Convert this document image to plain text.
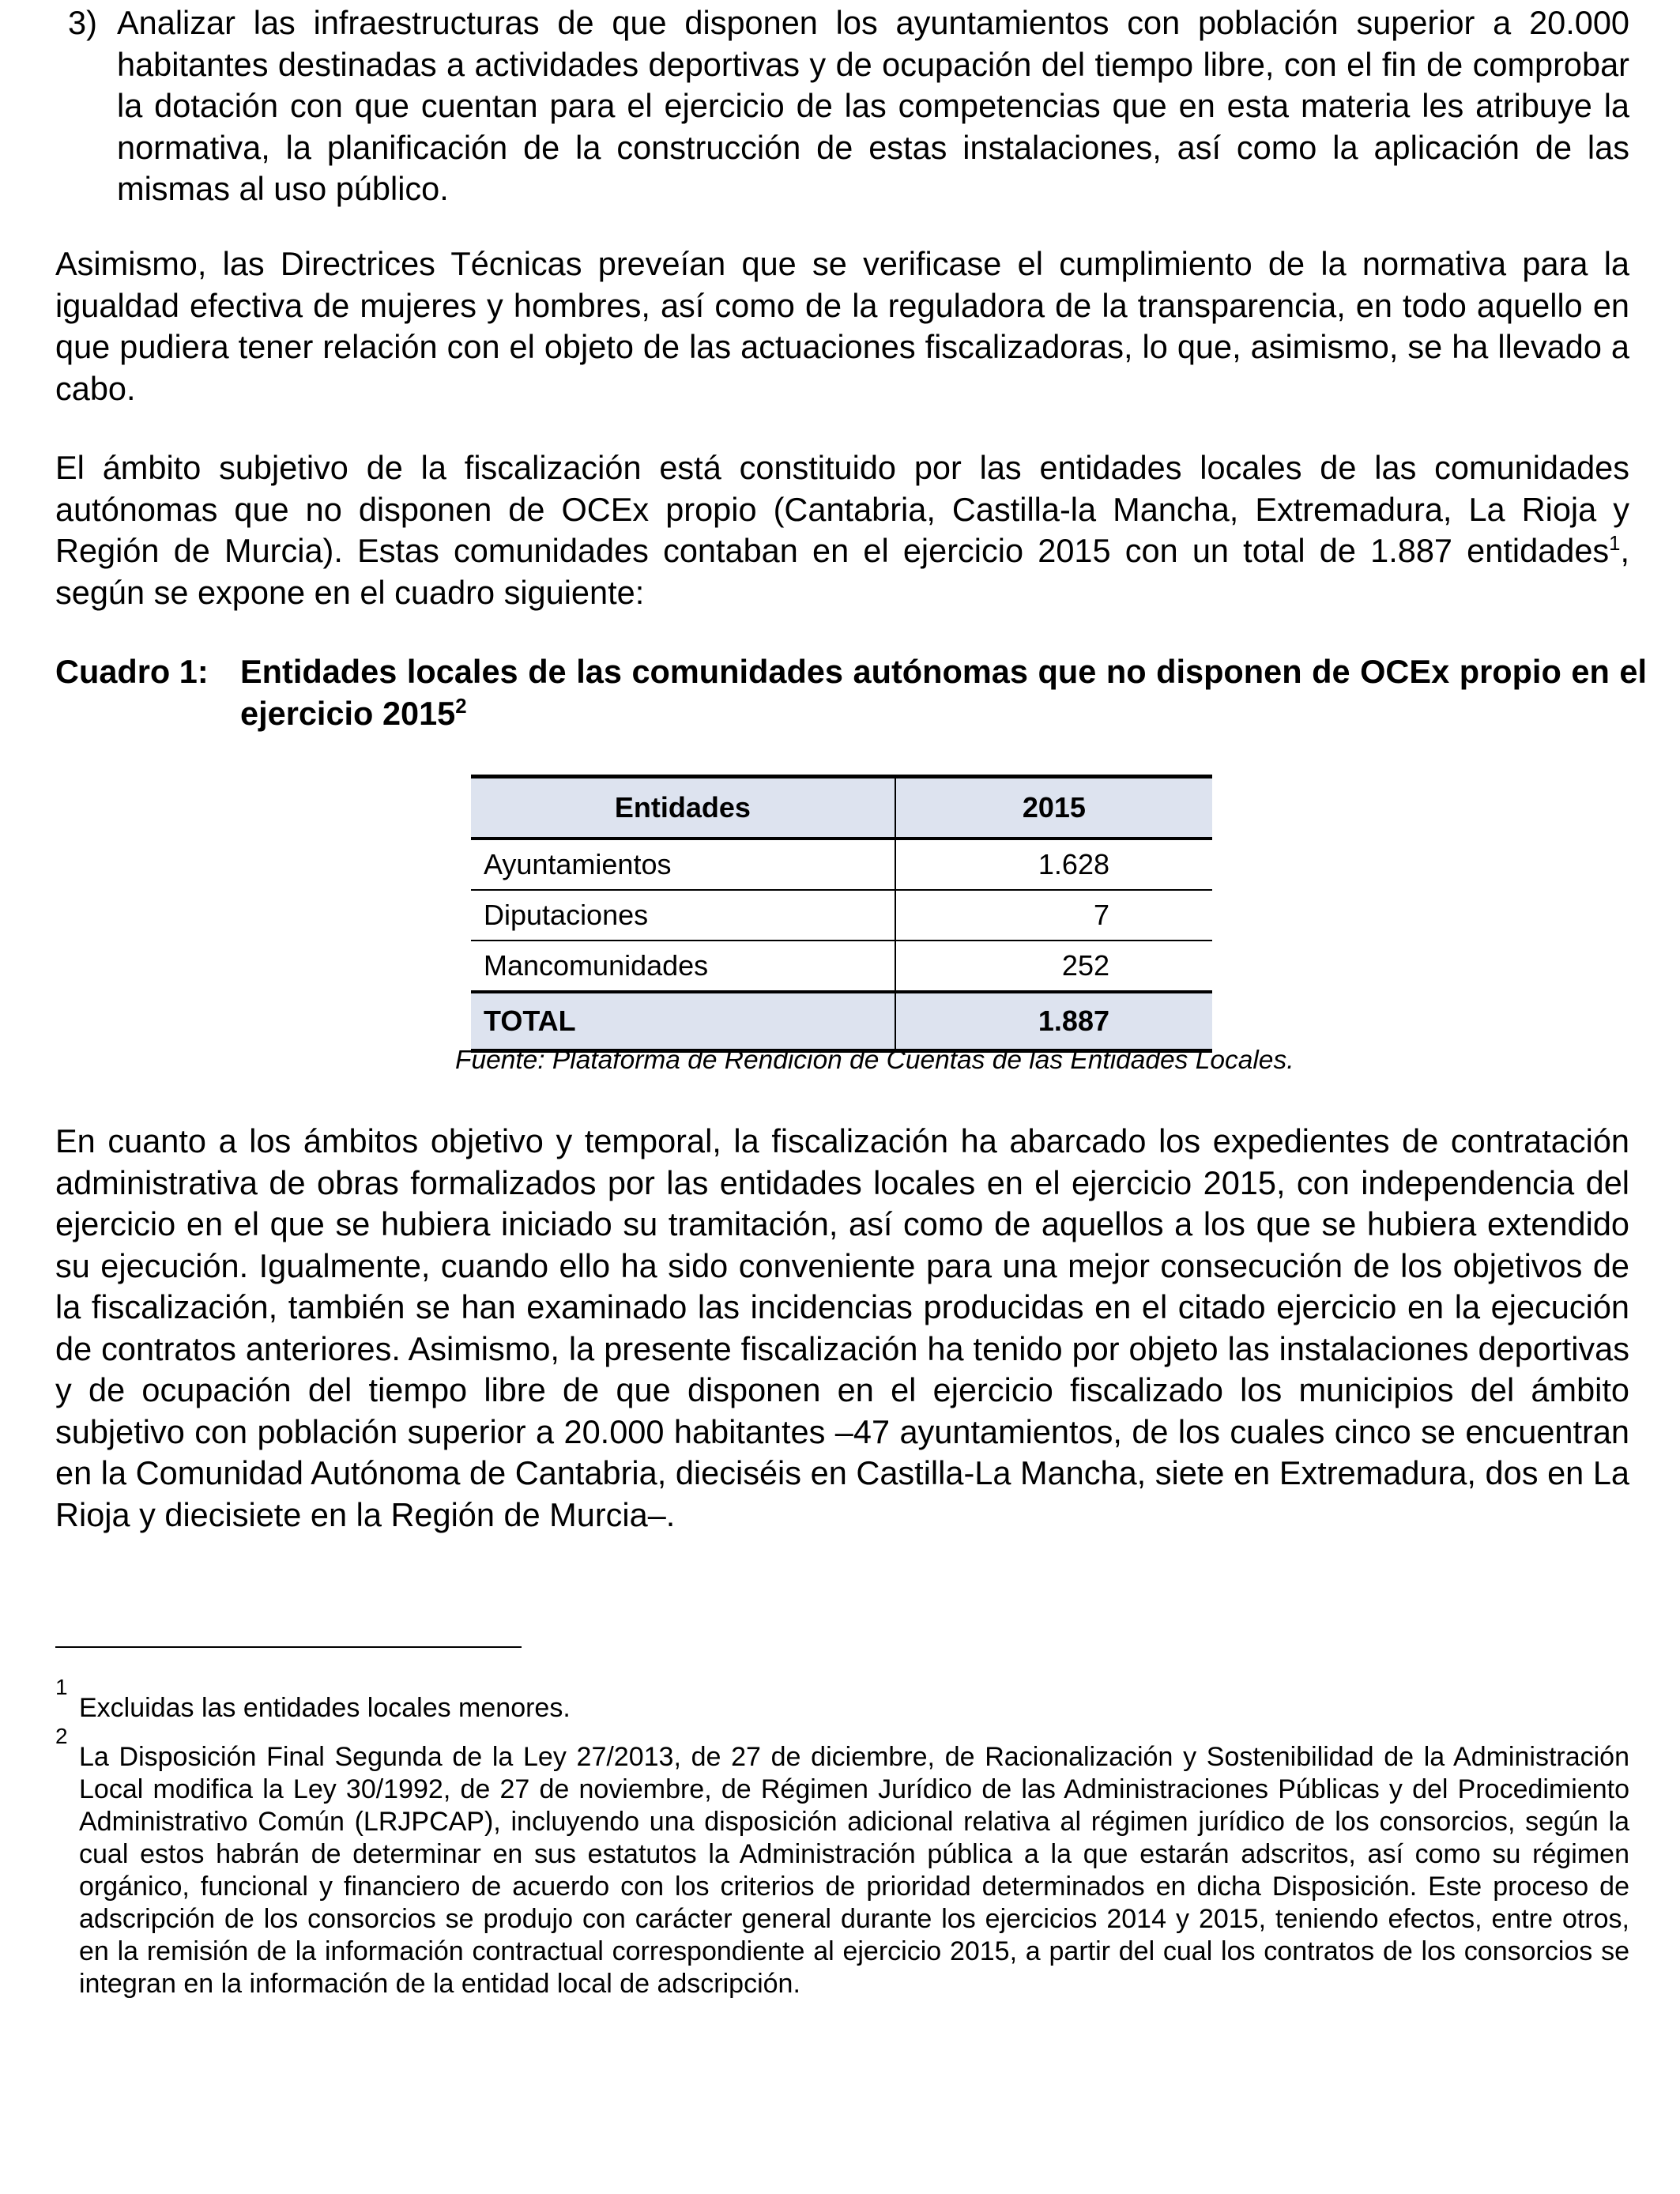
3) Analizar las infraestructuras de que disponen los ayuntamientos con población superior a 20.000 habitantes destinadas a actividades deportivas y de ocupación del tiempo libre, con el fin de comprobar la dotación con que cuentan para el ejercicio de las competencias que en esta materia les atribuye la normativa, la planificación de la construcción de estas instalaciones, así como la aplicación de las mismas al uso público.

Asimismo, las Directrices Técnicas preveían que se verificase el cumplimiento de la normativa para la igualdad efectiva de mujeres y hombres, así como de la reguladora de la transparencia, en todo aquello en que pudiera tener relación con el objeto de las actuaciones fiscalizadoras, lo que, asimismo, se ha llevado a cabo.

El ámbito subjetivo de la fiscalización está constituido por las entidades locales de las comunidades autónomas que no disponen de OCEx propio (Cantabria, Castilla-la Mancha, Extremadura, La Rioja y Región de Murcia). Estas comunidades contaban en el ejercicio 2015 con un total de 1.887 entidades$^1$, según se expone en el cuadro siguiente:

Cuadro 1: Entidades locales de las comunidades autónomas que no disponen de OCEx propio en el ejercicio 2015$^2$
Entidades	2015
Ayuntamientos	1.628
Diputaciones	7
Mancomunidades	252
TOTAL	1.887
Fuente: Plataforma de Rendición de Cuentas de las Entidades Locales.

En cuanto a los ámbitos objetivo y temporal, la fiscalización ha abarcado los expedientes de contratación administrativa de obras formalizados por las entidades locales en el ejercicio 2015, con independencia del ejercicio en el que se hubiera iniciado su tramitación, así como de aquellos a los que se hubiera extendido su ejecución. Igualmente, cuando ello ha sido conveniente para una mejor consecución de los objetivos de la fiscalización, también se han examinado las incidencias producidas en el citado ejercicio en la ejecución de contratos anteriores. Asimismo, la presente fiscalización ha tenido por objeto las instalaciones deportivas y de ocupación del tiempo libre de que disponen en el ejercicio fiscalizado los municipios del ámbito subjetivo con población superior a 20.000 habitantes –47 ayuntamientos, de los cuales cinco se encuentran en la Comunidad Autónoma de Cantabria, dieciséis en Castilla-La Mancha, siete en Extremadura, dos en La Rioja y diecisiete en la Región de Murcia–.

1
Excluidas las entidades locales menores.

2
La Disposición Final Segunda de la Ley 27/2013, de 27 de diciembre, de Racionalización y Sostenibilidad de la Administración Local modifica la Ley 30/1992, de 27 de noviembre, de Régimen Jurídico de las Administraciones Públicas y del Procedimiento Administrativo Común (LRJPCAP), incluyendo una disposición adicional relativa al régimen jurídico de los consorcios, según la cual estos habrán de determinar en sus estatutos la Administración pública a la que estarán adscritos, así como su régimen orgánico, funcional y financiero de acuerdo con los criterios de prioridad determinados en dicha Disposición. Este proceso de adscripción de los consorcios se produjo con carácter general durante los ejercicios 2014 y 2015, teniendo efectos, entre otros, en la remisión de la información contractual correspondiente al ejercicio 2015, a partir del cual los contratos de los consorcios se integran en la información de la entidad local de adscripción.
